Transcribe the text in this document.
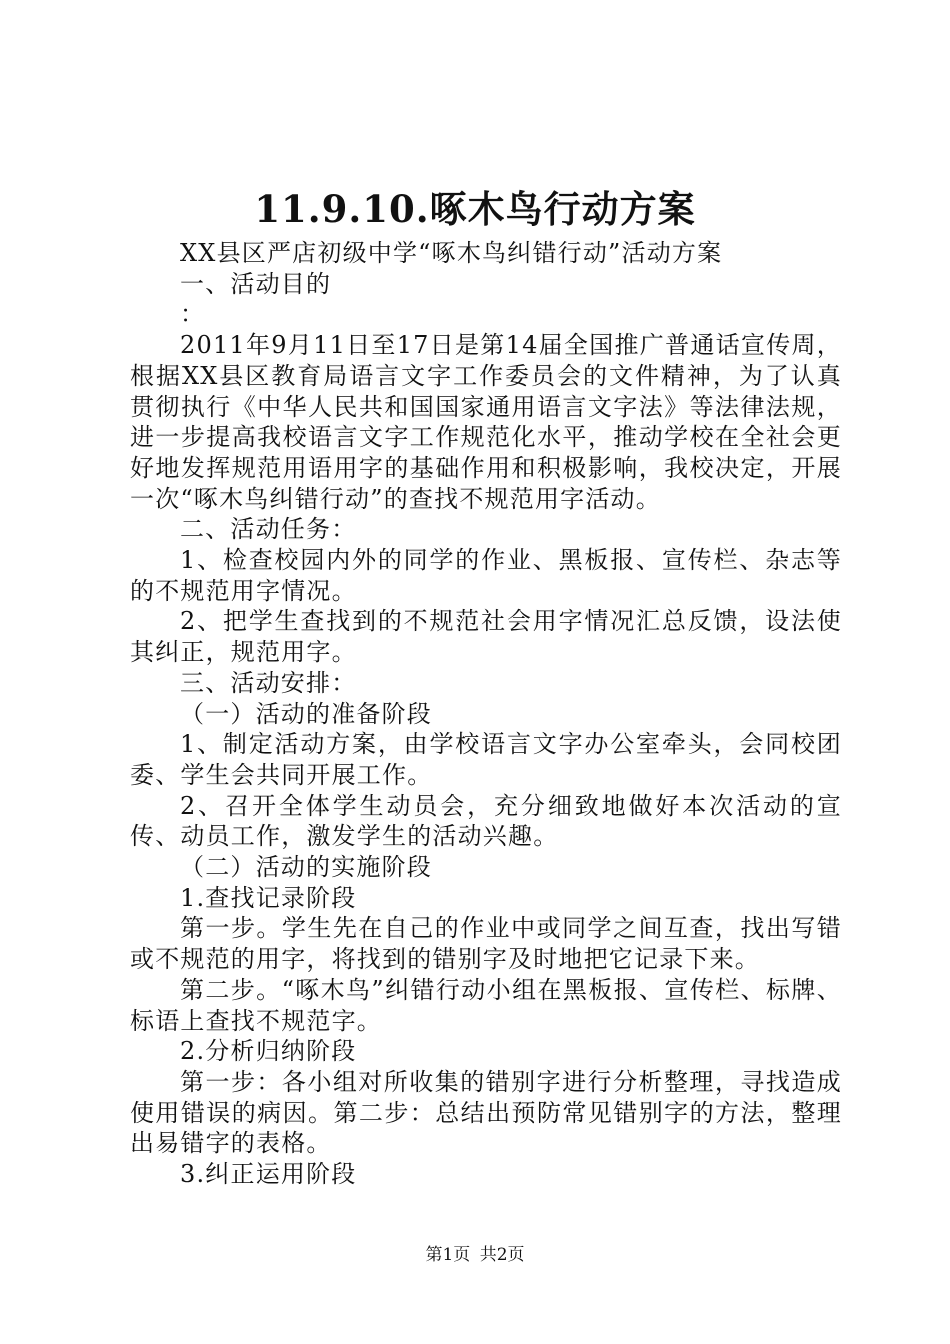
11.9.10.啄木鸟行动方案

XX县区严店初级中学“啄木鸟纠错行动”活动方案

一、活动目的

：

2011年9月11日至17日是第14届全国推广普通话宣传周，根据XX县区教育局语言文字工作委员会的文件精神，为了认真贯彻执行《中华人民共和国国家通用语言文字法》等法律法规，进一步提高我校语言文字工作规范化水平，推动学校在全社会更好地发挥规范用语用字的基础作用和积极影响，我校决定，开展一次“啄木鸟纠错行动”的查找不规范用字活动。

二、活动任务：

1、检查校园内外的同学的作业、黑板报、宣传栏、杂志等的不规范用字情况。

2、把学生查找到的不规范社会用字情况汇总反馈，设法使其纠正，规范用字。

三、活动安排：

（一）活动的准备阶段

1、制定活动方案，由学校语言文字办公室牵头，会同校团委、学生会共同开展工作。

2、召开全体学生动员会，充分细致地做好本次活动的宣传、动员工作，激发学生的活动兴趣。

（二）活动的实施阶段

1.查找记录阶段

第一步。学生先在自己的作业中或同学之间互查，找出写错或不规范的用字，将找到的错别字及时地把它记录下来。

第二步。“啄木鸟”纠错行动小组在黑板报、宣传栏、标牌、标语上查找不规范字。

2.分析归纳阶段

第一步：各小组对所收集的错别字进行分析整理，寻找造成使用错误的病因。第二步：总结出预防常见错别字的方法，整理出易错字的表格。

3.纠正运用阶段

第1页 共2页
